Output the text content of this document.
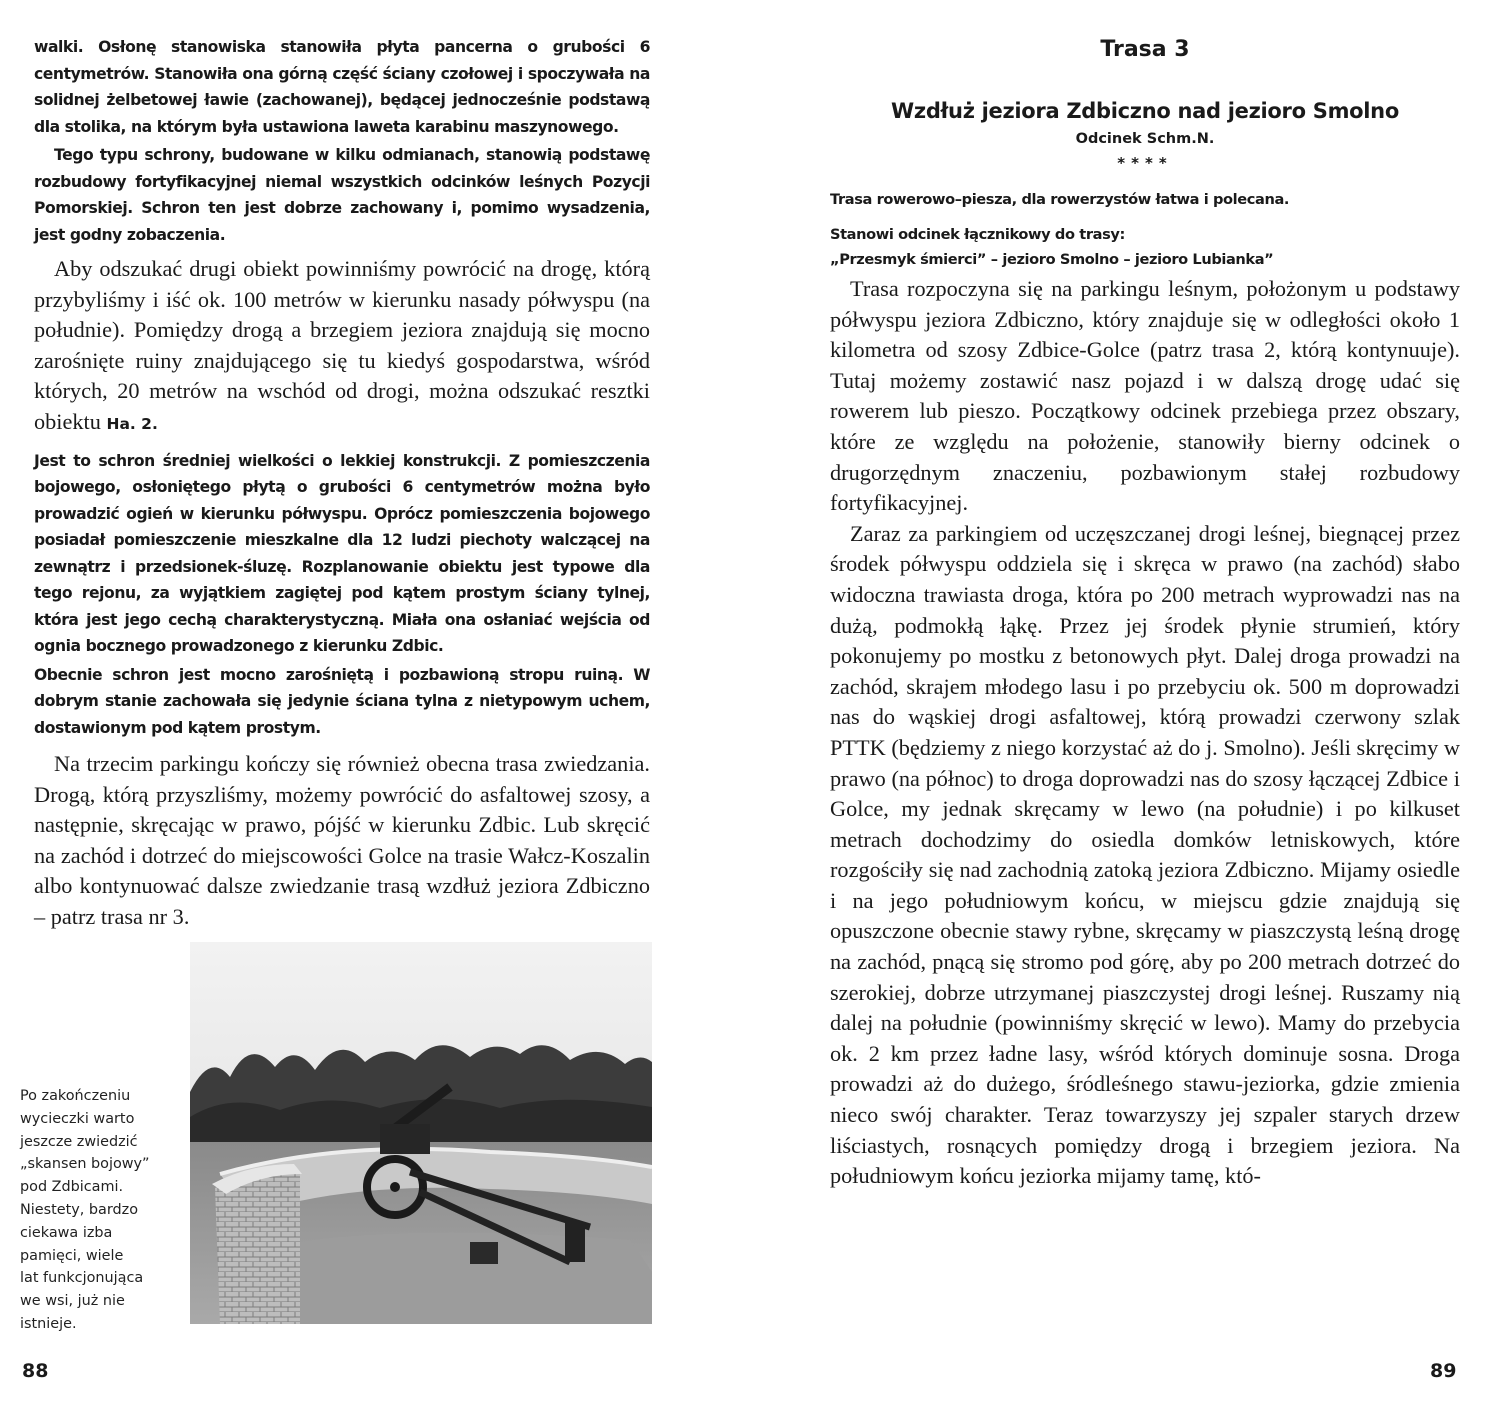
walki. Osłonę stanowiska stanowiła płyta pancerna o grubości 6 centymetrów. Stanowiła ona górną część ściany czołowej i spoczywała na solidnej żelbetowej ławie (zachowanej), będącej jednocześnie podstawą dla stolika, na którym była ustawiona laweta karabinu maszynowego.

Tego typu schrony, budowane w kilku odmianach, stanowią podstawę rozbudowy fortyfikacyjnej niemal wszystkich odcinków leśnych Pozycji Pomorskiej. Schron ten jest dobrze zachowany i, pomimo wysadzenia, jest godny zobaczenia.

Aby odszukać drugi obiekt powinniśmy powrócić na drogę, którą przybyliśmy i iść ok. 100 metrów w kierunku nasady półwyspu (na południe). Pomiędzy drogą a brzegiem jeziora znajdują się mocno zarośnięte ruiny znajdującego się tu kiedyś gospodarstwa, wśród których, 20 metrów na wschód od drogi, można odszukać resztki obiektu Ha. 2.

Jest to schron średniej wielkości o lekkiej konstrukcji. Z pomieszczenia bojowego, osłoniętego płytą o grubości 6 centymetrów można było prowadzić ogień w kierunku półwyspu. Oprócz pomieszczenia bojowego posiadał pomieszczenie mieszkalne dla 12 ludzi piechoty walczącej na zewnątrz i przedsionek-śluzę. Rozplanowanie obiektu jest typowe dla tego rejonu, za wyjątkiem zagiętej pod kątem prostym ściany tylnej, która jest jego cechą charakterystyczną. Miała ona osłaniać wejścia od ognia bocznego prowadzonego z kierunku Zdbic.

Obecnie schron jest mocno zarośniętą i pozbawioną stropu ruiną. W dobrym stanie zachowała się jedynie ściana tylna z nietypowym uchem, dostawionym pod kątem prostym.

Na trzecim parkingu kończy się również obecna trasa zwiedzania. Drogą, którą przyszliśmy, możemy powrócić do asfaltowej szosy, a następnie, skręcając w prawo, pójść w kierunku Zdbic. Lub skręcić na zachód i dotrzeć do miejscowości Golce na trasie Wałcz-Koszalin albo kontynuować dalsze zwiedzanie trasą wzdłuż jeziora Zdbiczno – patrz trasa nr 3.

Po zakończeniu
wycieczki warto
jeszcze zwiedzić
„skansen bojowy”
pod Zdbicami.
Niestety, bardzo
ciekawa izba
pamięci, wiele
lat funkcjonująca
we wsi, już nie
istnieje.
88
Trasa 3
Wzdłuż jeziora Zdbiczno nad jezioro Smolno
Odcinek Schm.N.
****
Trasa rowerowo–piesza, dla rowerzystów łatwa i polecana.
Stanowi odcinek łącznikowy do trasy:
„Przesmyk śmierci” – jezioro Smolno – jezioro Lubianka”

Trasa rozpoczyna się na parkingu leśnym, położonym u podstawy półwyspu jeziora Zdbiczno, który znajduje się w odległości około 1 kilometra od szosy Zdbice-Golce (patrz trasa 2, którą kontynuuje). Tutaj możemy zostawić nasz pojazd i w dalszą drogę udać się rowerem lub pieszo. Początkowy odcinek przebiega przez obszary, które ze względu na położenie, stanowiły bierny odcinek o drugorzędnym znaczeniu, pozbawionym stałej rozbudowy fortyfikacyjnej.

Zaraz za parkingiem od uczęszczanej drogi leśnej, biegnącej przez środek półwyspu oddziela się i skręca w prawo (na zachód) słabo widoczna trawiasta droga, która po 200 metrach wyprowadzi nas na dużą, podmokłą łąkę. Przez jej środek płynie strumień, który pokonujemy po mostku z betonowych płyt. Dalej droga prowadzi na zachód, skrajem młodego lasu i po przebyciu ok. 500 m doprowadzi nas do wąskiej drogi asfaltowej, którą prowadzi czerwony szlak PTTK (będziemy z niego korzystać aż do j. Smolno). Jeśli skręcimy w prawo (na północ) to droga doprowadzi nas do szosy łączącej Zdbice i Golce, my jednak skręcamy w lewo (na południe) i po kilkuset metrach dochodzimy do osiedla domków letniskowych, które rozgościły się nad zachodnią zatoką jeziora Zdbiczno. Mijamy osiedle i na jego południowym końcu, w miejscu gdzie znajdują się opuszczone obecnie stawy rybne, skręcamy w piaszczystą leśną drogę na zachód, pnącą się stromo pod górę, aby po 200 metrach dotrzeć do szerokiej, dobrze utrzymanej piaszczystej drogi leśnej. Ruszamy nią dalej na południe (powinniśmy skręcić w lewo). Mamy do przebycia ok. 2 km przez ładne lasy, wśród których dominuje sosna. Droga prowadzi aż do dużego, śródleśnego stawu-jeziorka, gdzie zmienia nieco swój charakter. Teraz towarzyszy jej szpaler starych drzew liściastych, rosnących pomiędzy drogą i brzegiem jeziora. Na południowym końcu jeziorka mijamy tamę, któ-

89
